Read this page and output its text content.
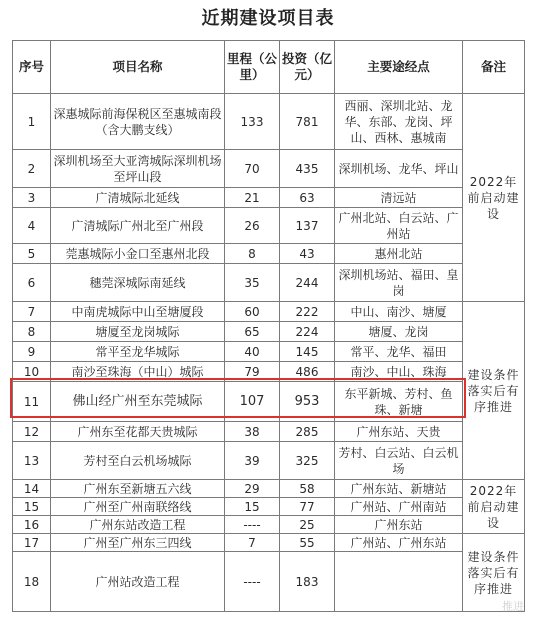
近期建设项目表
序号	项目名称	里程（公里）	投资（亿元）	主要途经点	备注
1	深惠城际前海保税区至惠城南段（含大鹏支线）	133	781	西丽、深圳北站、龙华、东部、龙岗、坪山、西林、惠城南	2022年前启动建设
2	深圳机场至大亚湾城际深圳机场至坪山段	70	435	深圳机场、龙华、坪山	
3	广清城际北延线	21	63	清远站	
4	广清城际广州北至广州段	26	137	广州北站、白云站、广州站	
5	莞惠城际小金口至惠州北段	8	43	惠州北站	
6	穗莞深城际南延线	35	244	深圳机场站、福田、皇岗	
7	中南虎城际中山至塘厦段	60	222	中山、南沙、塘厦	建设条件落实后有序推进
8	塘厦至龙岗城际	65	224	塘厦、龙岗	
9	常平至龙华城际	40	145	常平、龙华、福田	
10	南沙至珠海（中山）城际	79	486	南沙、中山、珠海	
11	佛山经广州至东莞城际	107	953	东平新城、芳村、鱼珠、新塘	
12	广州东至花都天贵城际	38	285	广州东站、天贵	
13	芳村至白云机场城际	39	325	芳村、白云站、白云机场	
14	广州东至新塘五六线	29	58	广州东站、新塘站	2022年前启动建设
15	广州至广州南联络线	15	77	广州站、广州南站	
16	广州东站改造工程	----	25	广州东站	
17	广州至广州东三四线	7	55	广州站、广州东站	建设条件落实后有序推进
18	广州站改造工程	----	183		
推进
